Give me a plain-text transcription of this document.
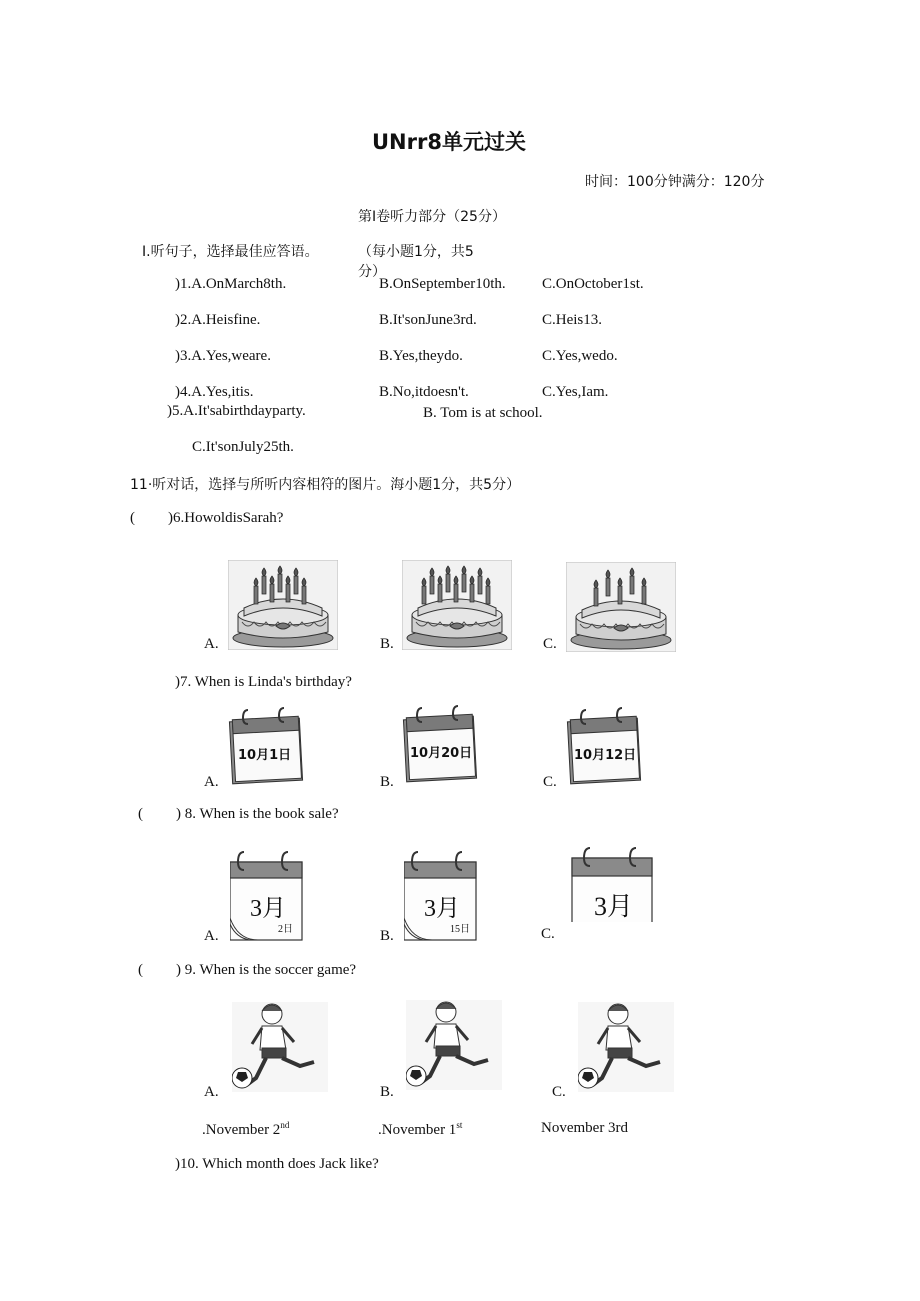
UNrr8单元过关
时间：100分钟满分：120分
第Ⅰ卷听力部分（25分）
Ⅰ.听句子，选择最佳应答语。	（每小题1分，共5
分）
)1.A.OnMarch8th.	B.OnSeptember10th. C.OnOctober1st.
)2.A.Heisfine.	B.It'sonJune3rd.	C.Heis13.
)3.A.Yes,weare.	B.Yes,theydo.	C.Yes,wedo.
)4.A.Yes,itis.	B.No,itdoesn't.	C.Yes,Iam.
)5.A.It'sabirthdayparty.	B. Tom is at school.
C.It'sonJuly25th.
11·听对话，选择与所听内容相符的图片。海小题1分，共5分）
( )6.HowoldisSarah?
A.	B.	C.
)7. When is Linda's birthday?
10月1日
A.
10月20日
B.
10月12日
C.
( ) 8. When is the book sale?
3月
2日
A.
3月
15日
B.
3月
C.
( ) 9. When is the soccer game?
A.	B.	C.
.November 2nd	.November 1st	November 3rd
)10. Which month does Jack like?
